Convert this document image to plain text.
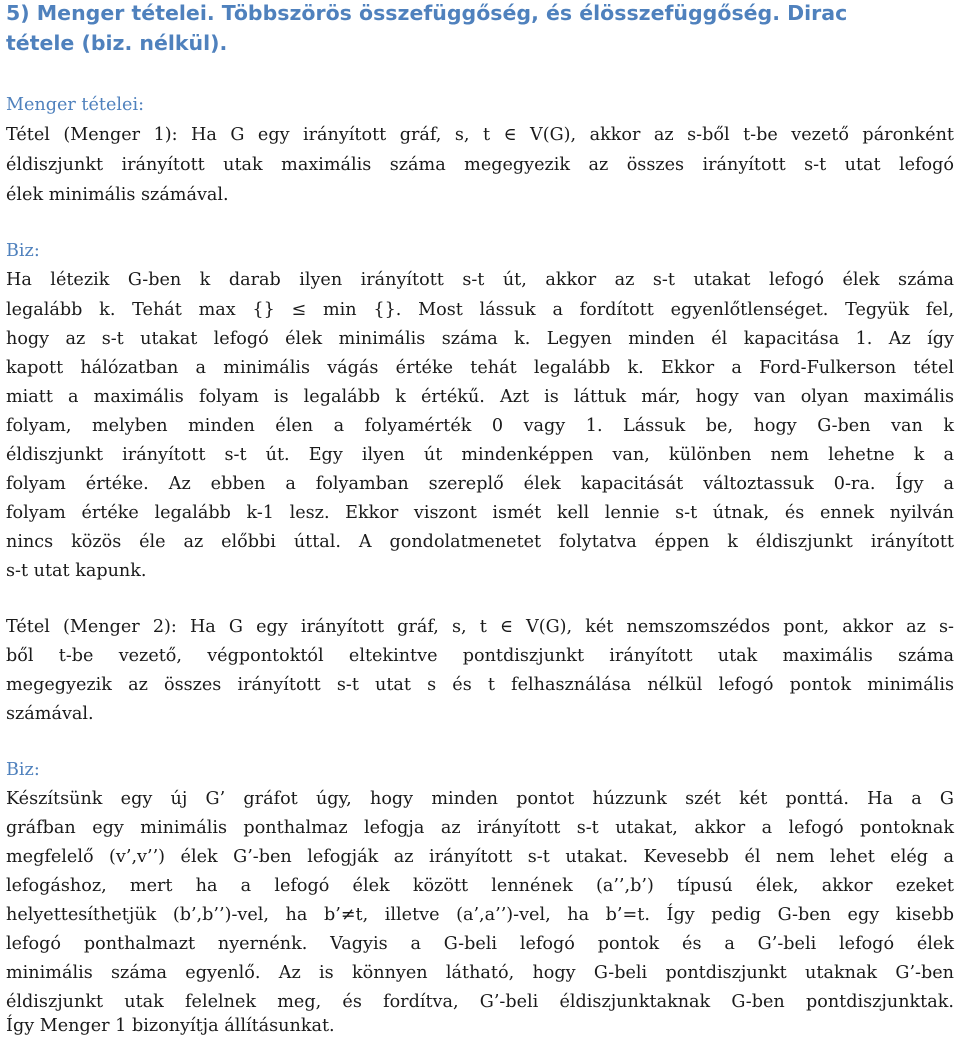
5) Menger tételei. Többszörös összefüggőség, és élösszefüggőség. Dirac
tétele (biz. nélkül).
Menger tételei:
Tétel (Menger 1): Ha G egy irányított gráf, s, t ∈ V(G), akkor az s-ből t-be vezető páronként
éldiszjunkt irányított utak maximális száma megegyezik az összes irányított s-t utat lefogó
élek minimális számával.
Biz:
Ha létezik G-ben k darab ilyen irányított s-t út, akkor az s-t utakat lefogó élek száma
legalább k. Tehát max {} ≤ min {}. Most lássuk a fordított egyenlőtlenséget. Tegyük fel,
hogy az s-t utakat lefogó élek minimális száma k. Legyen minden él kapacitása 1. Az így
kapott hálózatban a minimális vágás értéke tehát legalább k. Ekkor a Ford-Fulkerson tétel
miatt a maximális folyam is legalább k értékű. Azt is láttuk már, hogy van olyan maximális
folyam, melyben minden élen a folyamérték 0 vagy 1. Lássuk be, hogy G-ben van k
éldiszjunkt irányított s-t út. Egy ilyen út mindenképpen van, különben nem lehetne k a
folyam értéke. Az ebben a folyamban szereplő élek kapacitását változtassuk 0-ra. Így a
folyam értéke legalább k-1 lesz. Ekkor viszont ismét kell lennie s-t útnak, és ennek nyilván
nincs közös éle az előbbi úttal. A gondolatmenetet folytatva éppen k éldiszjunkt irányított
s-t utat kapunk.
Tétel (Menger 2): Ha G egy irányított gráf, s, t ∈ V(G), két nemszomszédos pont, akkor az s-
ből t-be vezető, végpontoktól eltekintve pontdiszjunkt irányított utak maximális száma
megegyezik az összes irányított s-t utat s és t felhasználása nélkül lefogó pontok minimális
számával.
Biz:
Készítsünk egy új G’ gráfot úgy, hogy minden pontot húzzunk szét két ponttá. Ha a G
gráfban egy minimális ponthalmaz lefogja az irányított s-t utakat, akkor a lefogó pontoknak
megfelelő (v’,v’’) élek G’-ben lefogják az irányított s-t utakat. Kevesebb él nem lehet elég a
lefogáshoz, mert ha a lefogó élek között lennének (a’’,b’) típusú élek, akkor ezeket
helyettesíthetjük (b’,b’’)-vel, ha b’≠t, illetve (a’,a’’)-vel, ha b’=t. Így pedig G-ben egy kisebb
lefogó ponthalmazt nyernénk. Vagyis a G-beli lefogó pontok és a G’-beli lefogó élek
minimális száma egyenlő. Az is könnyen látható, hogy G-beli pontdiszjunkt utaknak G’-ben
éldiszjunkt utak felelnek meg, és fordítva, G’-beli éldiszjunktaknak G-ben pontdiszjunktak.
Így Menger 1 bizonyítja állításunkat.
